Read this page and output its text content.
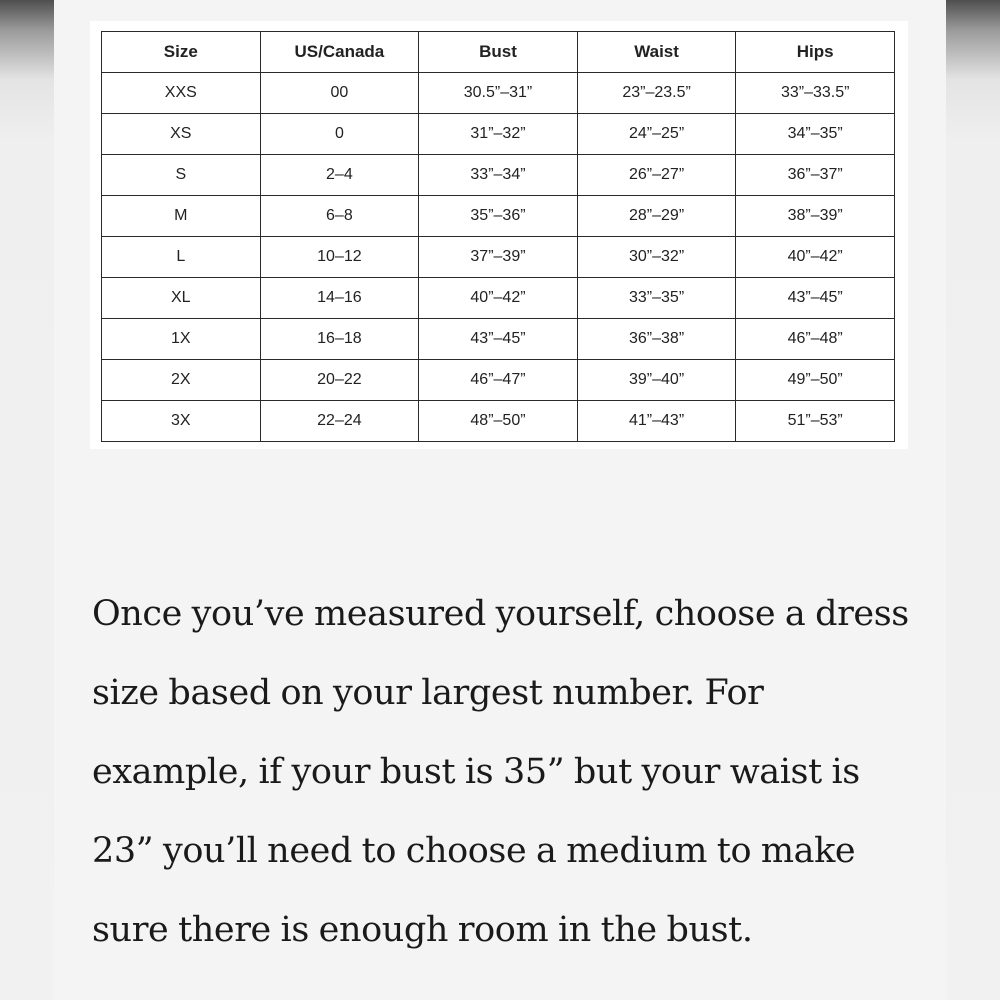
Size	US/Canada	Bust	Waist	Hips
XXS	00	30.5”–31”	23”–23.5”	33”–33.5”
XS	0	31”–32”	24”–25”	34”–35”
S	2–4	33”–34”	26”–27”	36”–37”
M	6–8	35”–36”	28”–29”	38”–39”
L	10–12	37”–39”	30”–32”	40”–42”
XL	14–16	40”–42”	33”–35”	43”–45”
1X	16–18	43”–45”	36”–38”	46”–48”
2X	20–22	46”–47”	39”–40”	49”–50”
3X	22–24	48”–50”	41”–43”	51”–53”

Once you’ve measured yourself, choose a dress size based on your largest number. For example, if your bust is 35” but your waist is 23” you’ll need to choose a medium to make sure there is enough room in the bust.
